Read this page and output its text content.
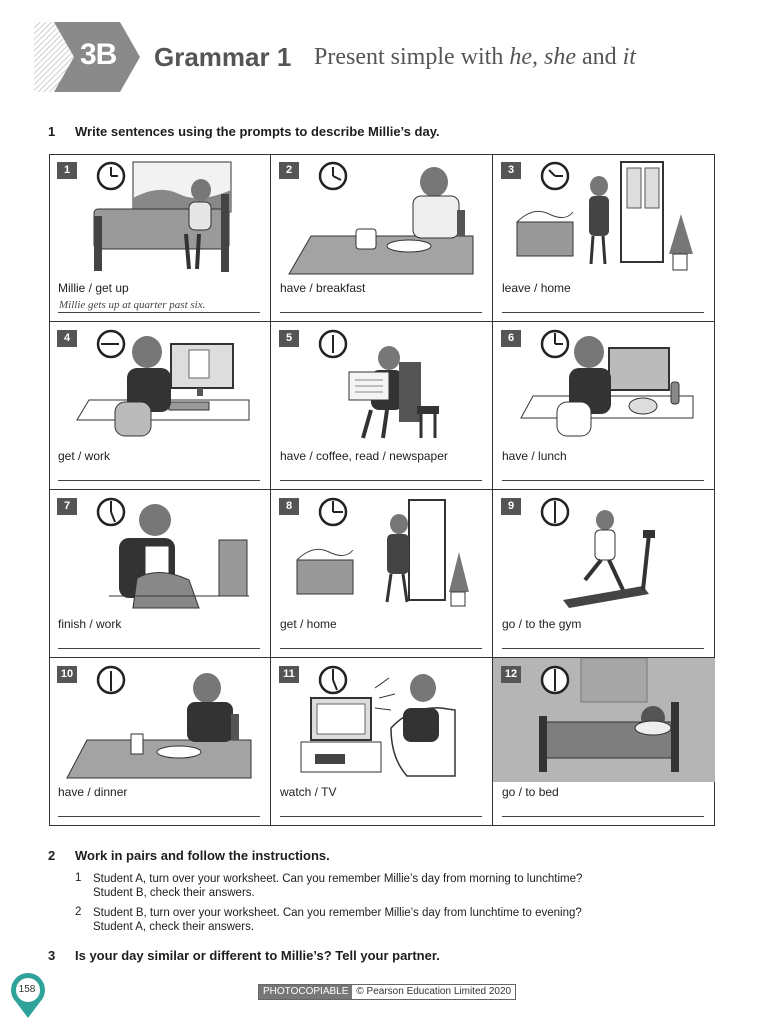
3B Grammar 1 Present simple with he, she and it
1 Write sentences using the prompts to describe Millie’s day.
1
Millie / get up
Millie gets up at quarter past six.
2
have / breakfast
3
leave / home
4
get / work
5
have / coffee, read / newspaper
6
have / lunch
7
finish / work
8
get / home
9
go / to the gym
10
have / dinner
11
watch / TV
12
go / to bed
2 Work in pairs and follow the instructions.
1 Student A, turn over your worksheet. Can you remember Millie’s day from morning to lunchtime?
Student B, check their answers.
2 Student B, turn over your worksheet. Can you remember Millie’s day from lunchtime to evening?
Student A, check their answers.
3 Is your day similar or different to Millie’s? Tell your partner.
158	PHOTOCOPIABLE © Pearson Education Limited 2020
